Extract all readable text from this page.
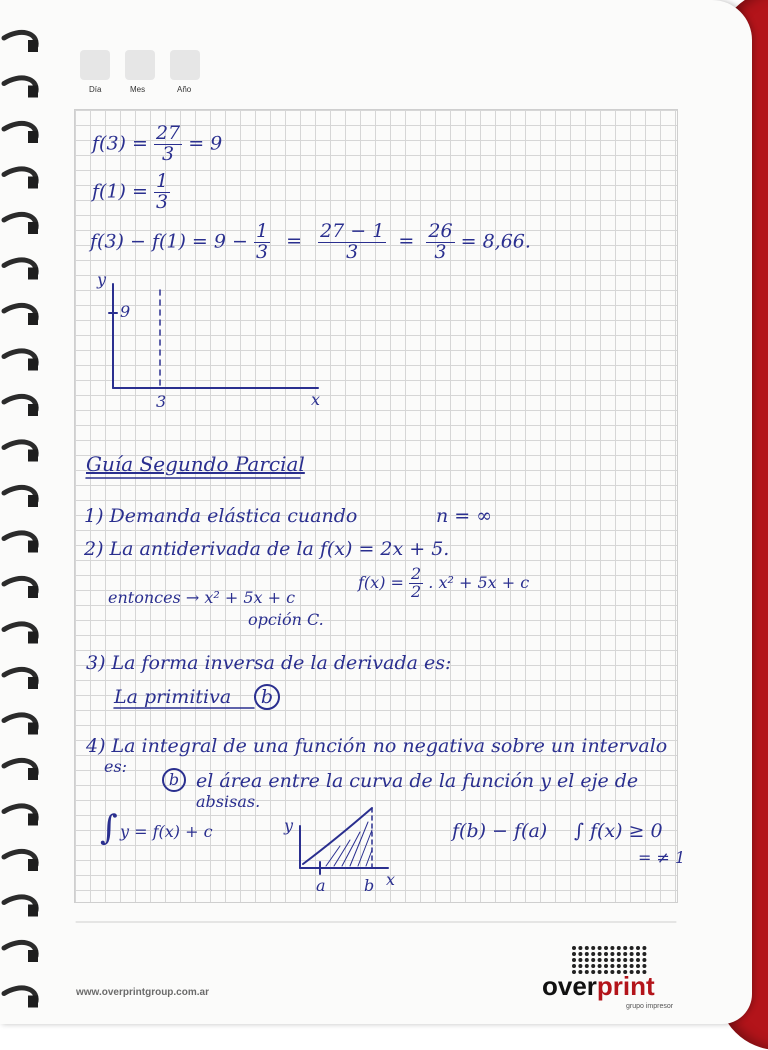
Día	Mes	Año
$f(3) = \frac{27}{3} = 9$
$f(1) = \frac{1}{3}$
$f(3) - f(1) = 9 - \frac{1}{3} = \frac{27 - 1}{3} = \frac{26}{3} = 8,66$.
y
9
3	x
Guía Segundo Parcial
1) Demanda elástica cuando	n = ∞
2) La antiderivada de la f(x) = 2x + 5.
$f(x) = \frac{2}{2}$ . x² + 5x + c
entonces → x² + 5x + c
opción C.
3) La forma inversa de la derivada es:
La primitiva	b
4) La integral de una función no negativa sobre un intervalo
es:
b el área entre la curva de la función y el eje de
absisas.
∫ y = f(x) + c	y
a b x
f(b) − f(a) ∫ f(x) ≥ 0
= ≠ 1
www.overprintgroup.com.ar	overprint
grupo impresor
